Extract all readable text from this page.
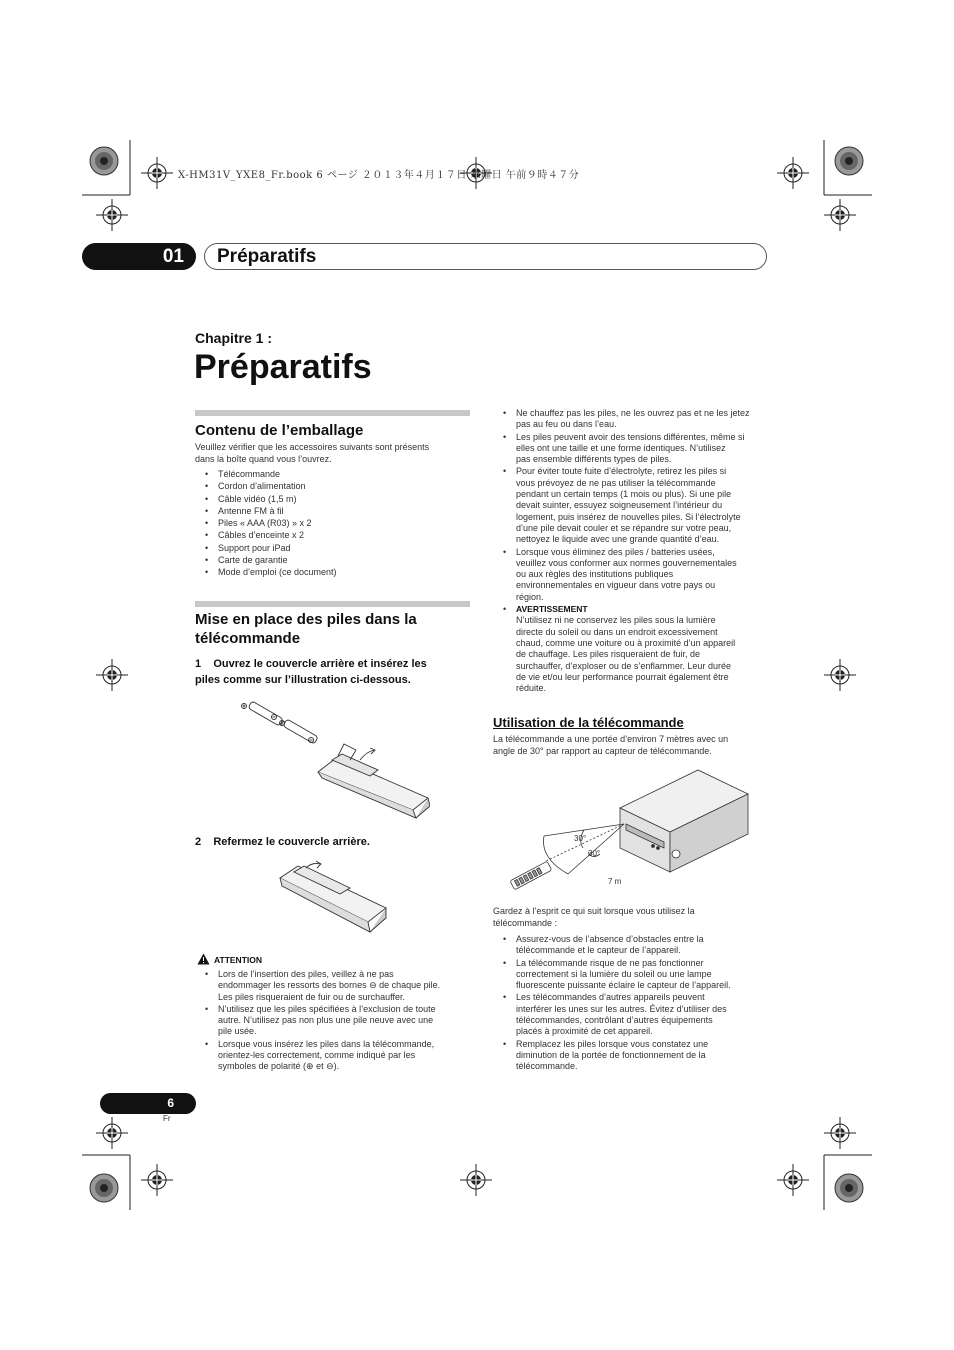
X-HM31V_YXE8_Fr.book 6 ページ ２０１３年４月１７日 水曜日 午前９時４７分
01	Préparatifs
Chapitre 1 :
Préparatifs
Contenu de l’emballage
Veuillez vérifier que les accessoires suivants sont présents
dans la boîte quand vous l’ouvrez.
• Télécommande
• Cordon d’alimentation
• Câble vidéo (1,5 m)
• Antenne FM à fil
• Piles « AAA (R03) » x 2
• Câbles d’enceinte x 2
• Support pour iPad
• Carte de garantie
• Mode d’emploi (ce document)
Mise en place des piles dans la
télécommande
1 Ouvrez le couvercle arrière et insérez les
piles comme sur l’illustration ci-dessous.
2 Refermez le couvercle arrière.
ATTENTION
• Lors de l’insertion des piles, veillez à ne pas
endommager les ressorts des bornes ⊖ de chaque pile.
Les piles risqueraient de fuir ou de surchauffer.
• N’utilisez que les piles spécifiées à l’exclusion de toute
autre. N’utilisez pas non plus une pile neuve avec une
pile usée.
• Lorsque vous insérez les piles dans la télécommande,
orientez-les correctement, comme indiqué par les
symboles de polarité (⊕ et ⊖).
• Ne chauffez pas les piles, ne les ouvrez pas et ne les jetez
pas au feu ou dans l’eau.
• Les piles peuvent avoir des tensions différentes, même si
elles ont une taille et une forme identiques. N’utilisez
pas ensemble différents types de piles.
• Pour éviter toute fuite d’électrolyte, retirez les piles si
vous prévoyez de ne pas utiliser la télécommande
pendant un certain temps (1 mois ou plus). Si une pile
devait suinter, essuyez soigneusement l’intérieur du
logement, puis insérez de nouvelles piles. Si l’électrolyte
d’une pile devait couler et se répandre sur votre peau,
nettoyez le liquide avec une grande quantité d’eau.
• Lorsque vous éliminez des piles / batteries usées,
veuillez vous conformer aux normes gouvernementales
ou aux règles des institutions publiques
environnementales en vigueur dans votre pays ou
région.
• AVERTISSEMENT
N’utilisez ni ne conservez les piles sous la lumière
directe du soleil ou dans un endroit excessivement
chaud, comme une voiture ou à proximité d’un appareil
de chauffage. Les piles risqueraient de fuir, de
surchauffer, d’exploser ou de s’enflammer. Leur durée
de vie et/ou leur performance pourrait également être
réduite.
Utilisation de la télécommande
La télécommande a une portée d’environ 7 mètres avec un
angle de 30° par rapport au capteur de télécommande.
30°
30°
7 m
Gardez à l’esprit ce qui suit lorsque vous utilisez la
télécommande :
• Assurez-vous de l’absence d’obstacles entre la
télécommande et le capteur de l’appareil.
• La télécommande risque de ne pas fonctionner
correctement si la lumière du soleil ou une lampe
fluorescente puissante éclaire le capteur de l’appareil.
• Les télécommandes d’autres appareils peuvent
interférer les unes sur les autres. Évitez d’utiliser des
télécommandes, contrôlant d’autres équipements
placés à proximité de cet appareil.
• Remplacez les piles lorsque vous constatez une
diminution de la portée de fonctionnement de la
télécommande.
6
Fr
